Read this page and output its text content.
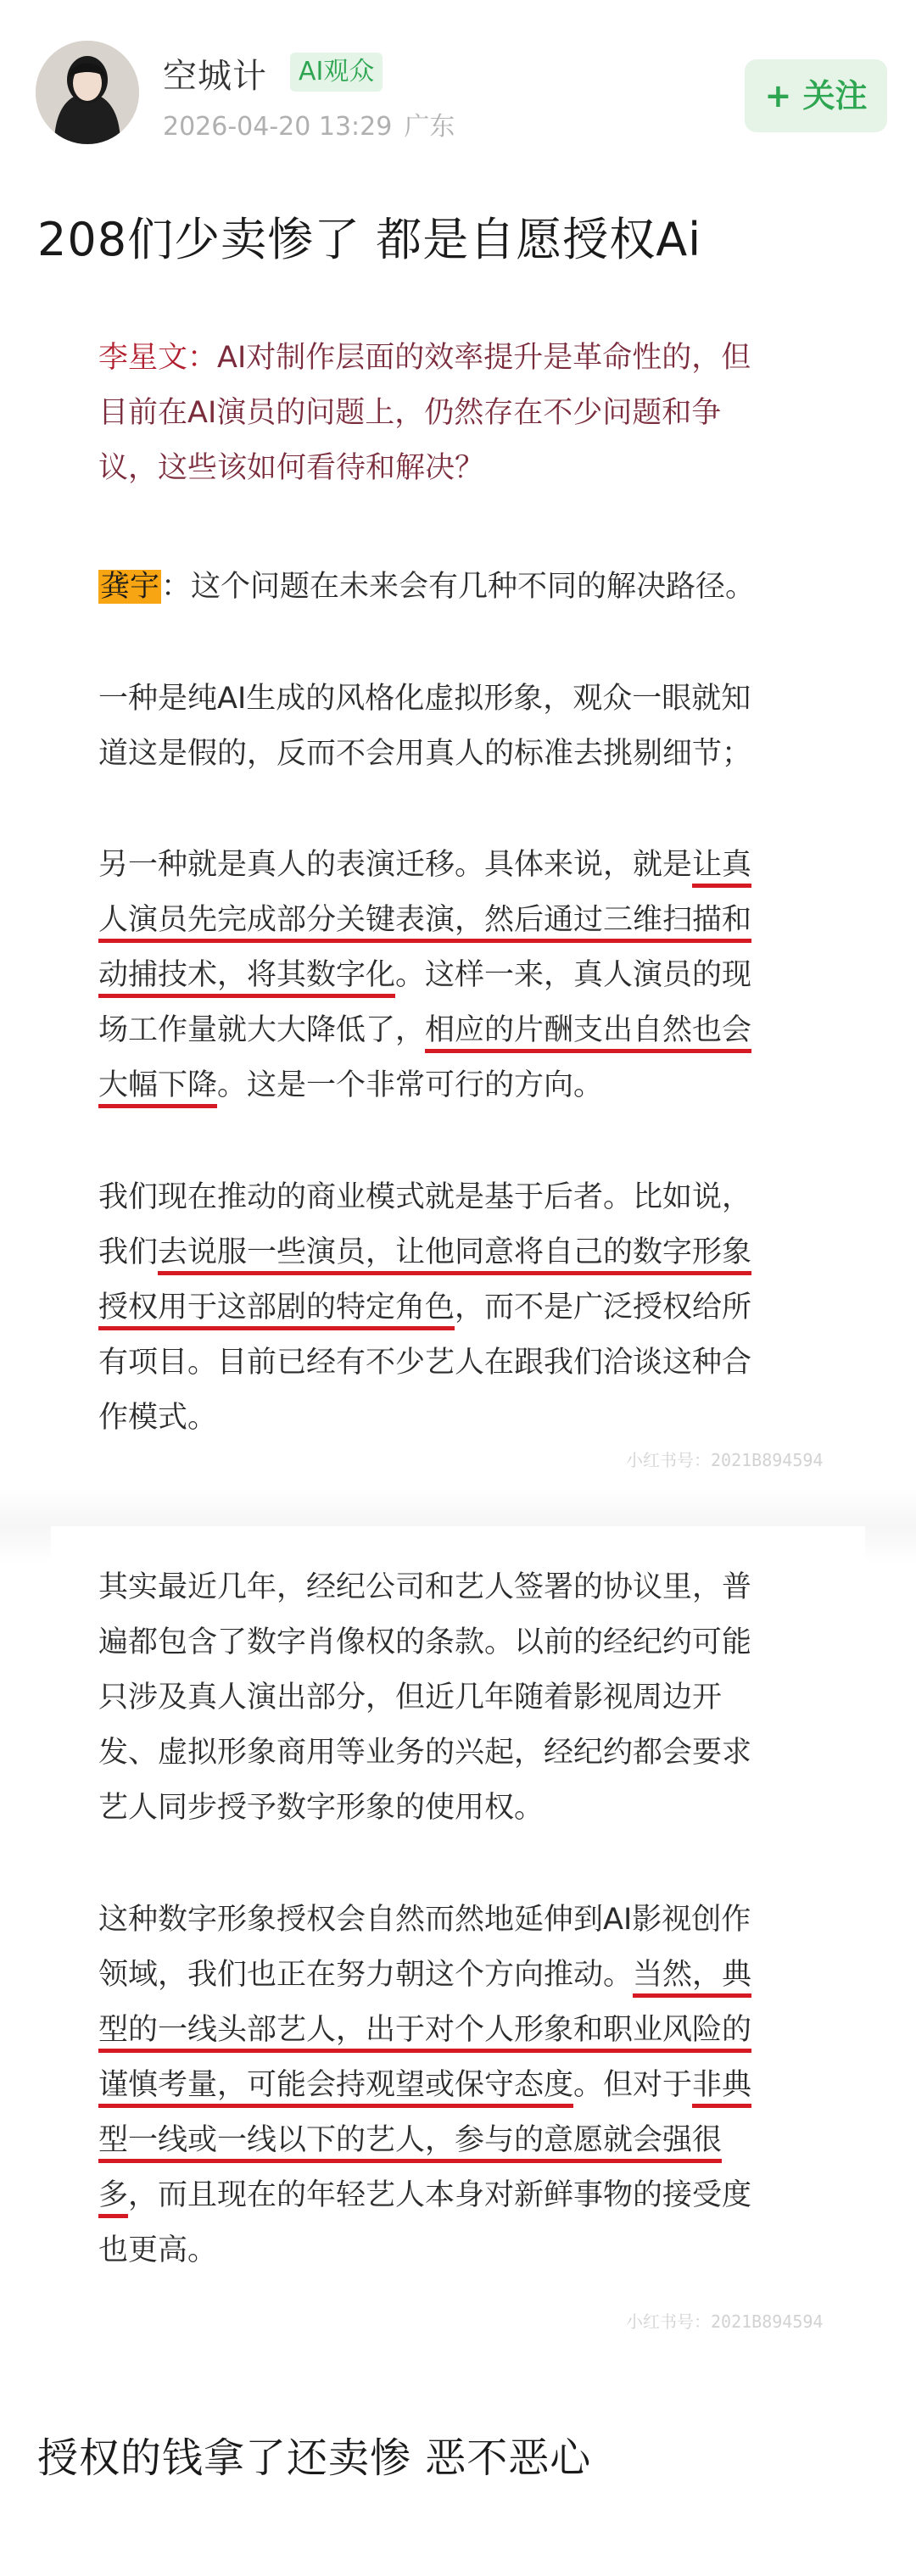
空城计	AI观众
2026-04-20 13:29 广东
+ 关注
208们少卖惨了 都是自愿授权Ai
李星文：AI对制作层面的效率提升是革命性的，但
目前在AI演员的问题上，仍然存在不少问题和争
议，这些该如何看待和解决？
龚宇：这个问题在未来会有几种不同的解决路径。
一种是纯AI生成的风格化虚拟形象，观众一眼就知
道这是假的，反而不会用真人的标准去挑剔细节；
另一种就是真人的表演迁移。具体来说，就是让真
人演员先完成部分关键表演，然后通过三维扫描和
动捕技术，将其数字化。这样一来，真人演员的现
场工作量就大大降低了，相应的片酬支出自然也会
大幅下降。这是一个非常可行的方向。
我们现在推动的商业模式就是基于后者。比如说，
我们去说服一些演员，让他同意将自己的数字形象
授权用于这部剧的特定角色，而不是广泛授权给所
有项目。目前已经有不少艺人在跟我们洽谈这种合
作模式。
小红书号：2021B894594
其实最近几年，经纪公司和艺人签署的协议里，普
遍都包含了数字肖像权的条款。以前的经纪约可能
只涉及真人演出部分，但近几年随着影视周边开
发、虚拟形象商用等业务的兴起，经纪约都会要求
艺人同步授予数字形象的使用权。
这种数字形象授权会自然而然地延伸到AI影视创作
领域，我们也正在努力朝这个方向推动。当然，典
型的一线头部艺人，出于对个人形象和职业风险的
谨慎考量，可能会持观望或保守态度。但对于非典
型一线或一线以下的艺人，参与的意愿就会强很
多，而且现在的年轻艺人本身对新鲜事物的接受度
也更高。
小红书号：2021B894594
授权的钱拿了还卖惨 恶不恶心
